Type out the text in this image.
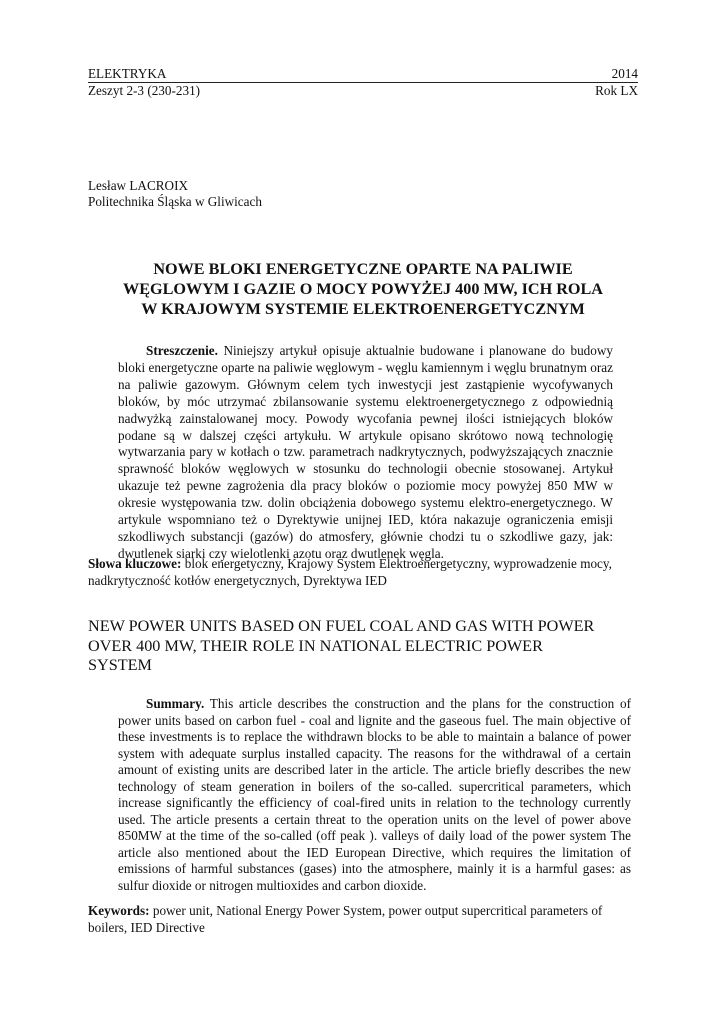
ELEKTRYKA	2014
Zeszyt 2-3 (230-231)	Rok LX
Lesław LACROIX
Politechnika Śląska w Gliwicach
NOWE BLOKI ENERGETYCZNE OPARTE NA PALIWIE
WĘGLOWYM I GAZIE O MOCY POWYŻEJ 400 MW, ICH ROLA
W KRAJOWYM SYSTEMIE ELEKTROENERGETYCZNYM
Streszczenie. Niniejszy artykuł opisuje aktualnie budowane i planowane do budowy bloki energetyczne oparte na paliwie węglowym - węglu kamiennym i węglu brunatnym oraz na paliwie gazowym. Głównym celem tych inwestycji jest zastąpienie wycofywanych bloków, by móc utrzymać zbilansowanie systemu elektroenergetycznego z odpowiednią nadwyżką zainstalowanej mocy. Powody wycofania pewnej ilości istniejących bloków podane są w dalszej części artykułu. W artykule opisano skrótowo nową technologię wytwarzania pary w kotłach o tzw. parametrach nadkrytycznych, podwyższających znacznie sprawność bloków węglowych w stosunku do technologii obecnie stosowanej. Artykuł ukazuje też pewne zagrożenia dla pracy bloków o poziomie mocy powyżej 850 MW w okresie występowania tzw. dolin obciążenia dobowego systemu elektro-energetycznego. W artykule wspomniano też o Dyrektywie unijnej IED, która nakazuje ograniczenia emisji szkodliwych substancji (gazów) do atmosfery, głównie chodzi tu o szkodliwe gazy, jak: dwutlenek siarki czy wielotlenki azotu oraz dwutlenek węgla.
Słowa kluczowe: blok energetyczny, Krajowy System Elektroenergetyczny, wyprowadzenie mocy, nadkrytyczność kotłów energetycznych, Dyrektywa IED
NEW POWER UNITS BASED ON FUEL COAL AND GAS WITH POWER
OVER 400 MW, THEIR ROLE IN NATIONAL ELECTRIC POWER
SYSTEM
Summary. This article describes the construction and the plans for the construction of power units based on carbon fuel - coal and lignite and the gaseous fuel. The main objective of these investments is to replace the withdrawn blocks to be able to maintain a balance of power system with adequate surplus installed capacity. The reasons for the withdrawal of a certain amount of existing units are described later in the article. The article briefly describes the new technology of steam generation in boilers of the so-called. supercritical parameters, which increase significantly the efficiency of coal-fired units in relation to the technology currently used. The article presents a certain threat to the operation units on the level of power above 850MW at the time of the so-called (off peak ). valleys of daily load of the power system The article also mentioned about the IED European Directive, which requires the limitation of emissions of harmful substances (gases) into the atmosphere, mainly it is a harmful gases: as sulfur dioxide or nitrogen multioxides and carbon dioxide.
Keywords: power unit, National Energy Power System, power output supercritical parameters of boilers, IED Directive
